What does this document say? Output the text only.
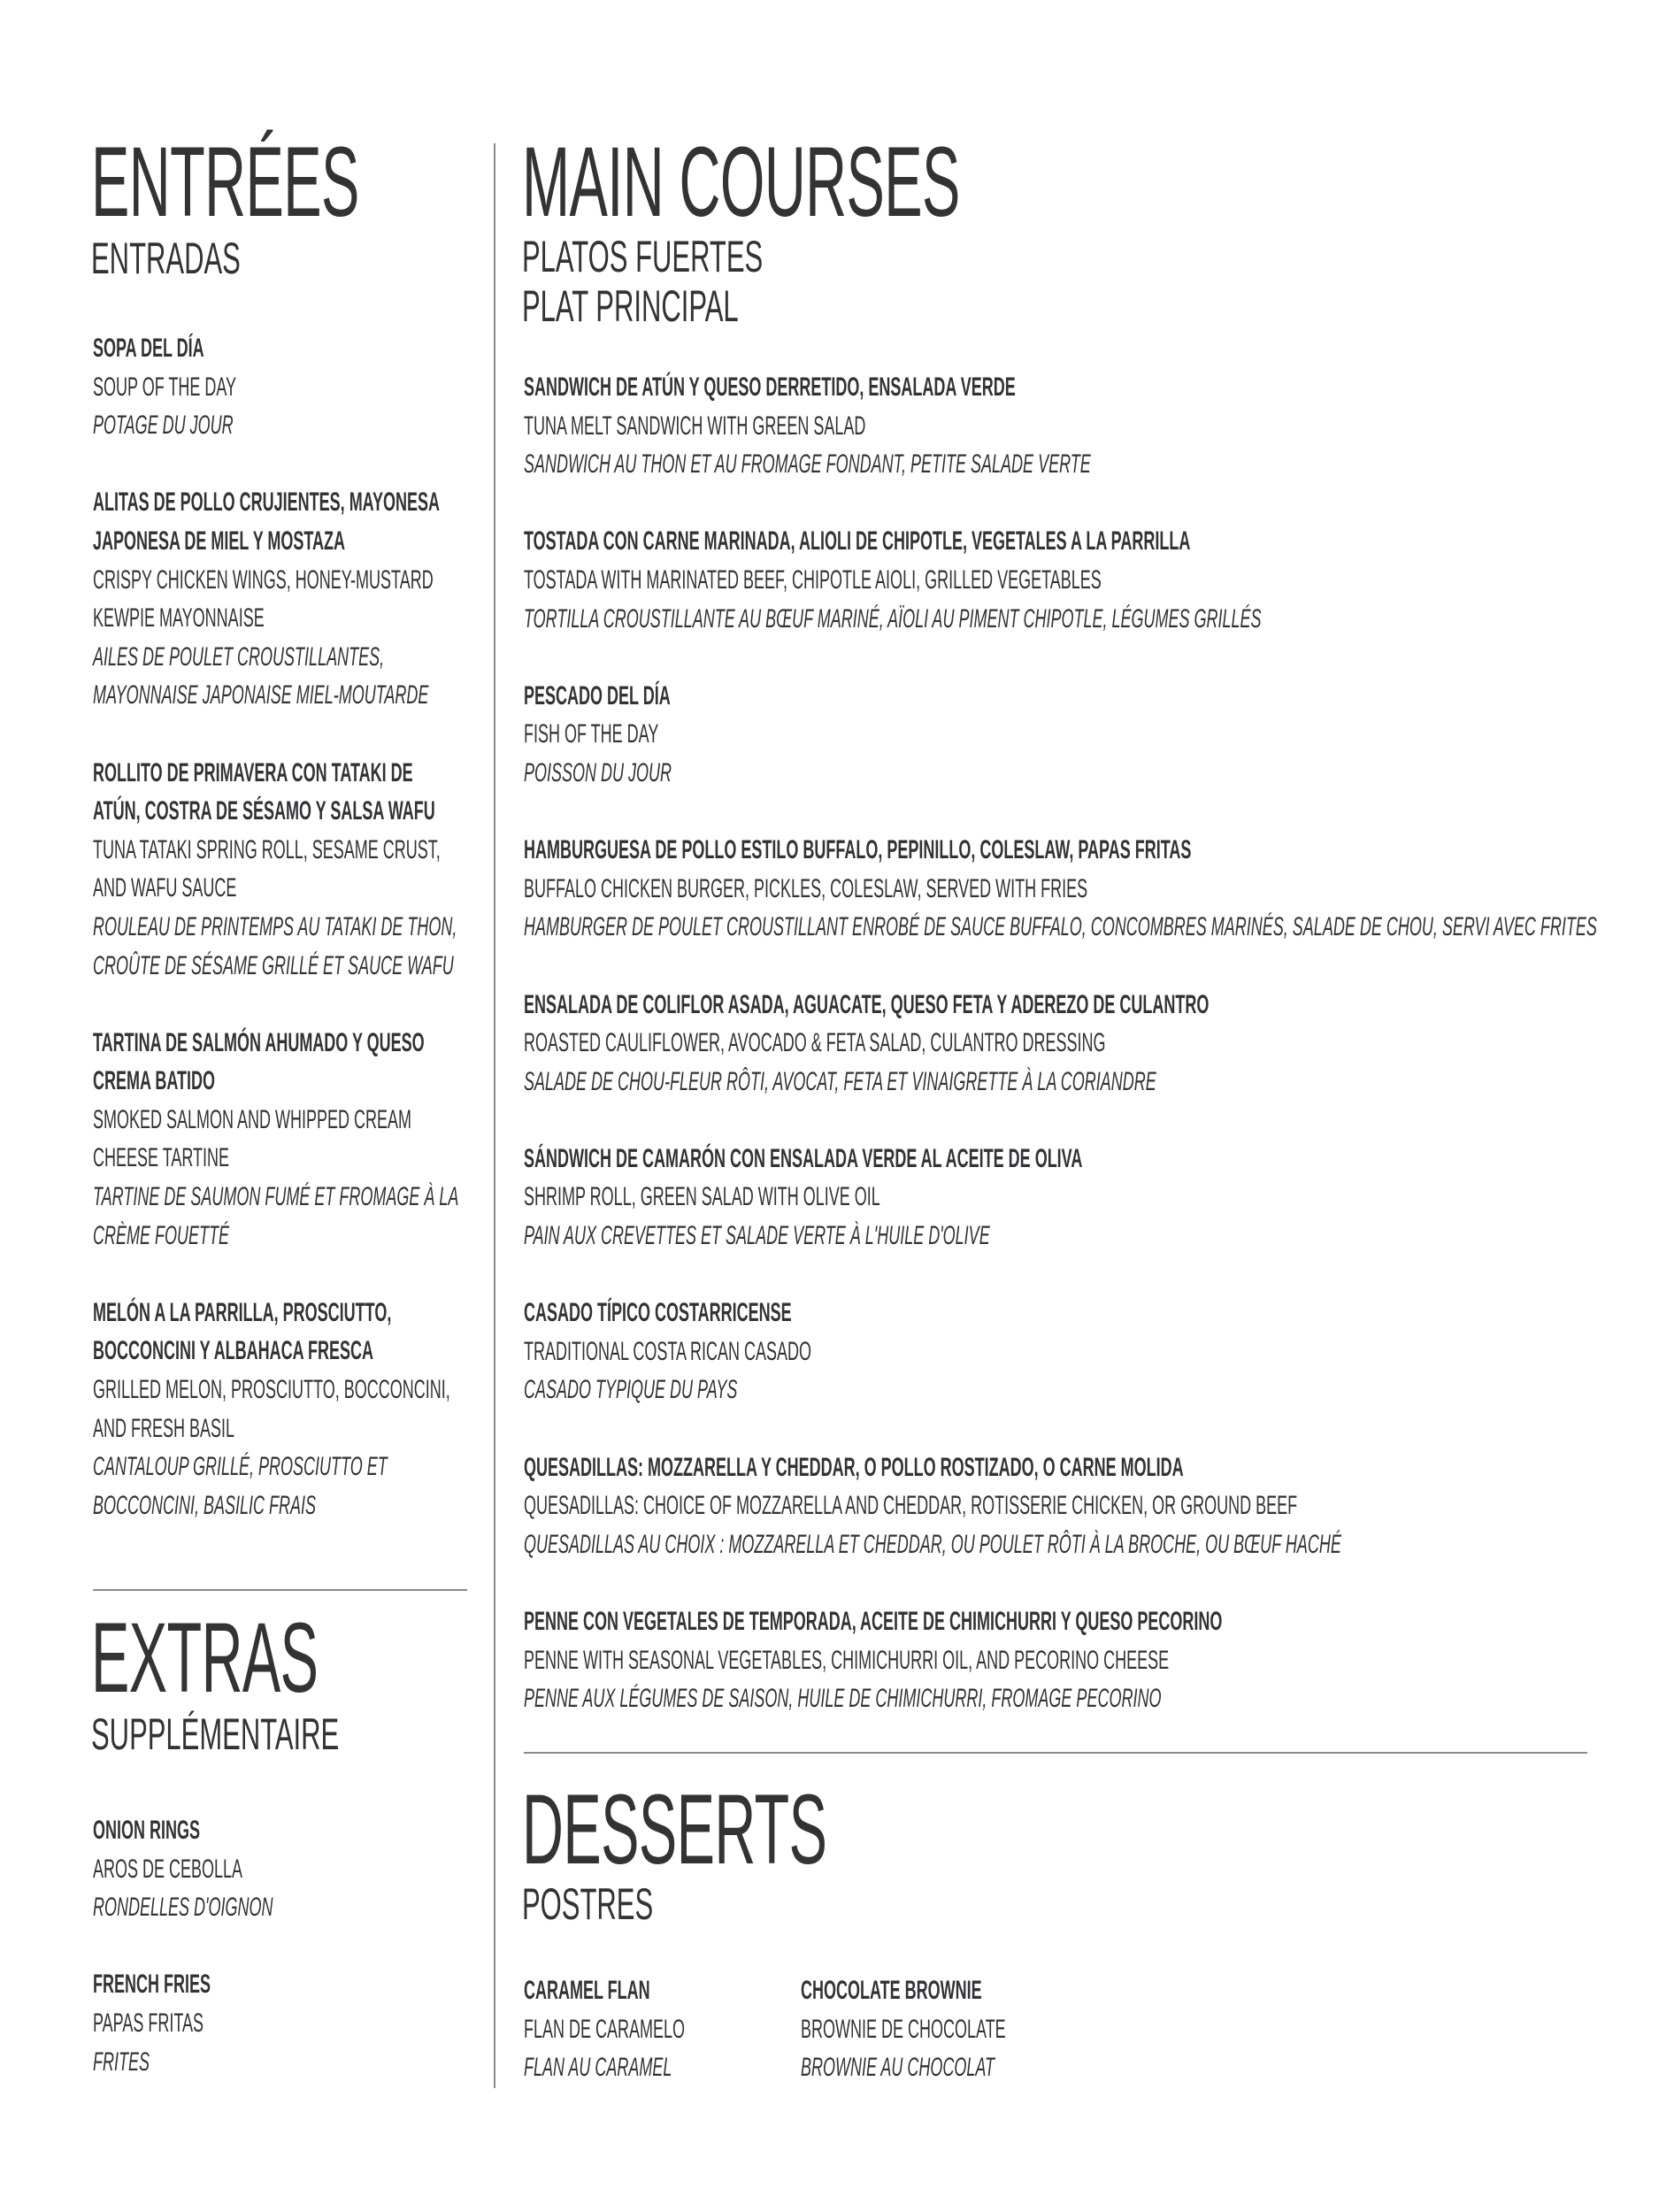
ENTRÉES
ENTRADAS
SOPA DEL DÍA
SOUP OF THE DAY
POTAGE DU JOUR
ALITAS DE POLLO CRUJIENTES, MAYONESA
JAPONESA DE MIEL Y MOSTAZA
CRISPY CHICKEN WINGS, HONEY-MUSTARD
KEWPIE MAYONNAISE
AILES DE POULET CROUSTILLANTES,
MAYONNAISE JAPONAISE MIEL-MOUTARDE
ROLLITO DE PRIMAVERA CON TATAKI DE
ATÚN, COSTRA DE SÉSAMO Y SALSA WAFU
TUNA TATAKI SPRING ROLL, SESAME CRUST,
AND WAFU SAUCE
ROULEAU DE PRINTEMPS AU TATAKI DE THON,
CROÛTE DE SÉSAME GRILLÉ ET SAUCE WAFU
TARTINA DE SALMÓN AHUMADO Y QUESO
CREMA BATIDO
SMOKED SALMON AND WHIPPED CREAM
CHEESE TARTINE
TARTINE DE SAUMON FUMÉ ET FROMAGE À LA
CRÈME FOUETTÉ
MELÓN A LA PARRILLA, PROSCIUTTO,
BOCCONCINI Y ALBAHACA FRESCA
GRILLED MELON, PROSCIUTTO, BOCCONCINI,
AND FRESH BASIL
CANTALOUP GRILLÉ, PROSCIUTTO ET
BOCCONCINI, BASILIC FRAIS
EXTRAS
SUPPLÉMENTAIRE
ONION RINGS
AROS DE CEBOLLA
RONDELLES D'OIGNON
FRENCH FRIES
PAPAS FRITAS
FRITES
MAIN COURSES
PLATOS FUERTES
PLAT PRINCIPAL
SANDWICH DE ATÚN Y QUESO DERRETIDO, ENSALADA VERDE
TUNA MELT SANDWICH WITH GREEN SALAD
SANDWICH AU THON ET AU FROMAGE FONDANT, PETITE SALADE VERTE
TOSTADA CON CARNE MARINADA, ALIOLI DE CHIPOTLE, VEGETALES A LA PARRILLA
TOSTADA WITH MARINATED BEEF, CHIPOTLE AIOLI, GRILLED VEGETABLES
TORTILLA CROUSTILLANTE AU BŒUF MARINÉ, AÏOLI AU PIMENT CHIPOTLE, LÉGUMES GRILLÉS
PESCADO DEL DÍA
FISH OF THE DAY
POISSON DU JOUR
HAMBURGUESA DE POLLO ESTILO BUFFALO, PEPINILLO, COLESLAW, PAPAS FRITAS
BUFFALO CHICKEN BURGER, PICKLES, COLESLAW, SERVED WITH FRIES
HAMBURGER DE POULET CROUSTILLANT ENROBÉ DE SAUCE BUFFALO, CONCOMBRES MARINÉS, SALADE DE CHOU, SERVI AVEC FRITES
ENSALADA DE COLIFLOR ASADA, AGUACATE, QUESO FETA Y ADEREZO DE CULANTRO
ROASTED CAULIFLOWER, AVOCADO & FETA SALAD, CULANTRO DRESSING
SALADE DE CHOU-FLEUR RÔTI, AVOCAT, FETA ET VINAIGRETTE À LA CORIANDRE
SÁNDWICH DE CAMARÓN CON ENSALADA VERDE AL ACEITE DE OLIVA
SHRIMP ROLL, GREEN SALAD WITH OLIVE OIL
PAIN AUX CREVETTES ET SALADE VERTE À L'HUILE D'OLIVE
CASADO TÍPICO COSTARRICENSE
TRADITIONAL COSTA RICAN CASADO
CASADO TYPIQUE DU PAYS
QUESADILLAS: MOZZARELLA Y CHEDDAR, O POLLO ROSTIZADO, O CARNE MOLIDA
QUESADILLAS: CHOICE OF MOZZARELLA AND CHEDDAR, ROTISSERIE CHICKEN, OR GROUND BEEF
QUESADILLAS AU CHOIX : MOZZARELLA ET CHEDDAR, OU POULET RÔTI À LA BROCHE, OU BŒUF HACHÉ
PENNE CON VEGETALES DE TEMPORADA, ACEITE DE CHIMICHURRI Y QUESO PECORINO
PENNE WITH SEASONAL VEGETABLES, CHIMICHURRI OIL, AND PECORINO CHEESE
PENNE AUX LÉGUMES DE SAISON, HUILE DE CHIMICHURRI, FROMAGE PECORINO
DESSERTS
POSTRES
CARAMEL FLAN
FLAN DE CARAMELO
FLAN AU CARAMEL
CHOCOLATE BROWNIE
BROWNIE DE CHOCOLATE
BROWNIE AU CHOCOLAT
